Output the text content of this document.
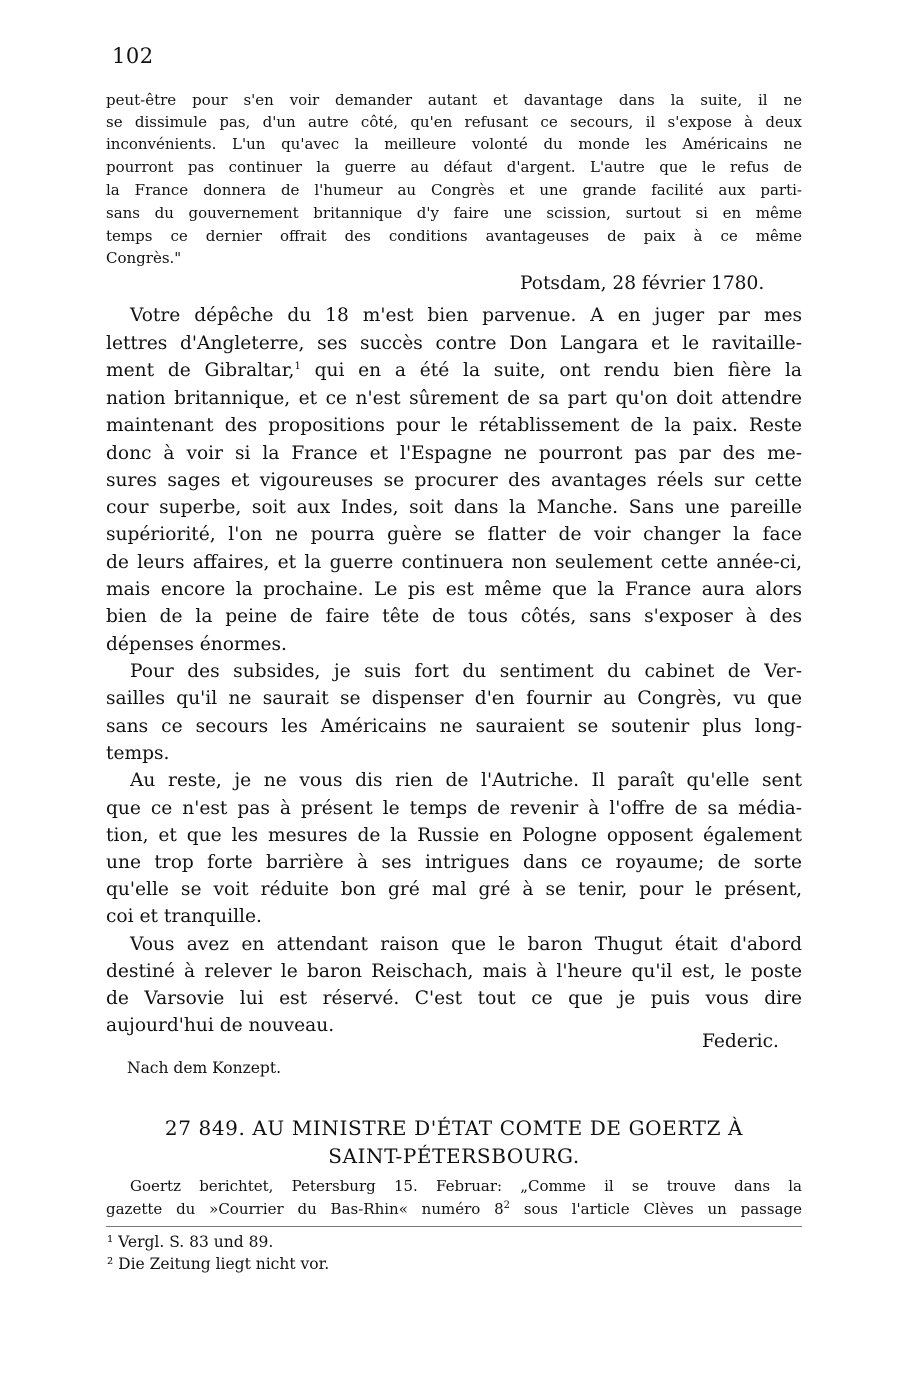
102
peut-être pour s'en voir demander autant et davantage dans la suite, il ne
se dissimule pas, d'un autre côté, qu'en refusant ce secours, il s'expose à deux
inconvénients. L'un qu'avec la meilleure volonté du monde les Américains ne
pourront pas continuer la guerre au défaut d'argent. L'autre que le refus de
la France donnera de l'humeur au Congrès et une grande facilité aux parti-
sans du gouvernement britannique d'y faire une scission, surtout si en même
temps ce dernier offrait des conditions avantageuses de paix à ce même
Congrès."
Potsdam, 28 février 1780.
Votre dépêche du 18 m'est bien parvenue. A en juger par mes
lettres d'Angleterre, ses succès contre Don Langara et le ravitaille-
ment de Gibraltar,$^1$ qui en a été la suite, ont rendu bien fière la
nation britannique, et ce n'est sûrement de sa part qu'on doit attendre
maintenant des propositions pour le rétablissement de la paix. Reste
donc à voir si la France et l'Espagne ne pourront pas par des me-
sures sages et vigoureuses se procurer des avantages réels sur cette
cour superbe, soit aux Indes, soit dans la Manche. Sans une pareille
supériorité, l'on ne pourra guère se flatter de voir changer la face
de leurs affaires, et la guerre continuera non seulement cette année-ci,
mais encore la prochaine. Le pis est même que la France aura alors
bien de la peine de faire tête de tous côtés, sans s'exposer à des
dépenses énormes.
Pour des subsides, je suis fort du sentiment du cabinet de Ver-
sailles qu'il ne saurait se dispenser d'en fournir au Congrès, vu que
sans ce secours les Américains ne sauraient se soutenir plus long-
temps.
Au reste, je ne vous dis rien de l'Autriche. Il paraît qu'elle sent
que ce n'est pas à présent le temps de revenir à l'offre de sa média-
tion, et que les mesures de la Russie en Pologne opposent également
une trop forte barrière à ses intrigues dans ce royaume; de sorte
qu'elle se voit réduite bon gré mal gré à se tenir, pour le présent,
coi et tranquille.
Vous avez en attendant raison que le baron Thugut était d'abord
destiné à relever le baron Reischach, mais à l'heure qu'il est, le poste
de Varsovie lui est réservé. C'est tout ce que je puis vous dire
aujourd'hui de nouveau.
Federic.
Nach dem Konzept.
27 849. AU MINISTRE D'ÉTAT COMTE DE GOERTZ À
SAINT-PÉTERSBOURG.
Goertz berichtet, Petersburg 15. Februar: „Comme il se trouve dans la
gazette du »Courrier du Bas-Rhin« numéro $8^2$ sous l'article Clèves un passage
¹ Vergl. S. 83 und 89.
² Die Zeitung liegt nicht vor.
